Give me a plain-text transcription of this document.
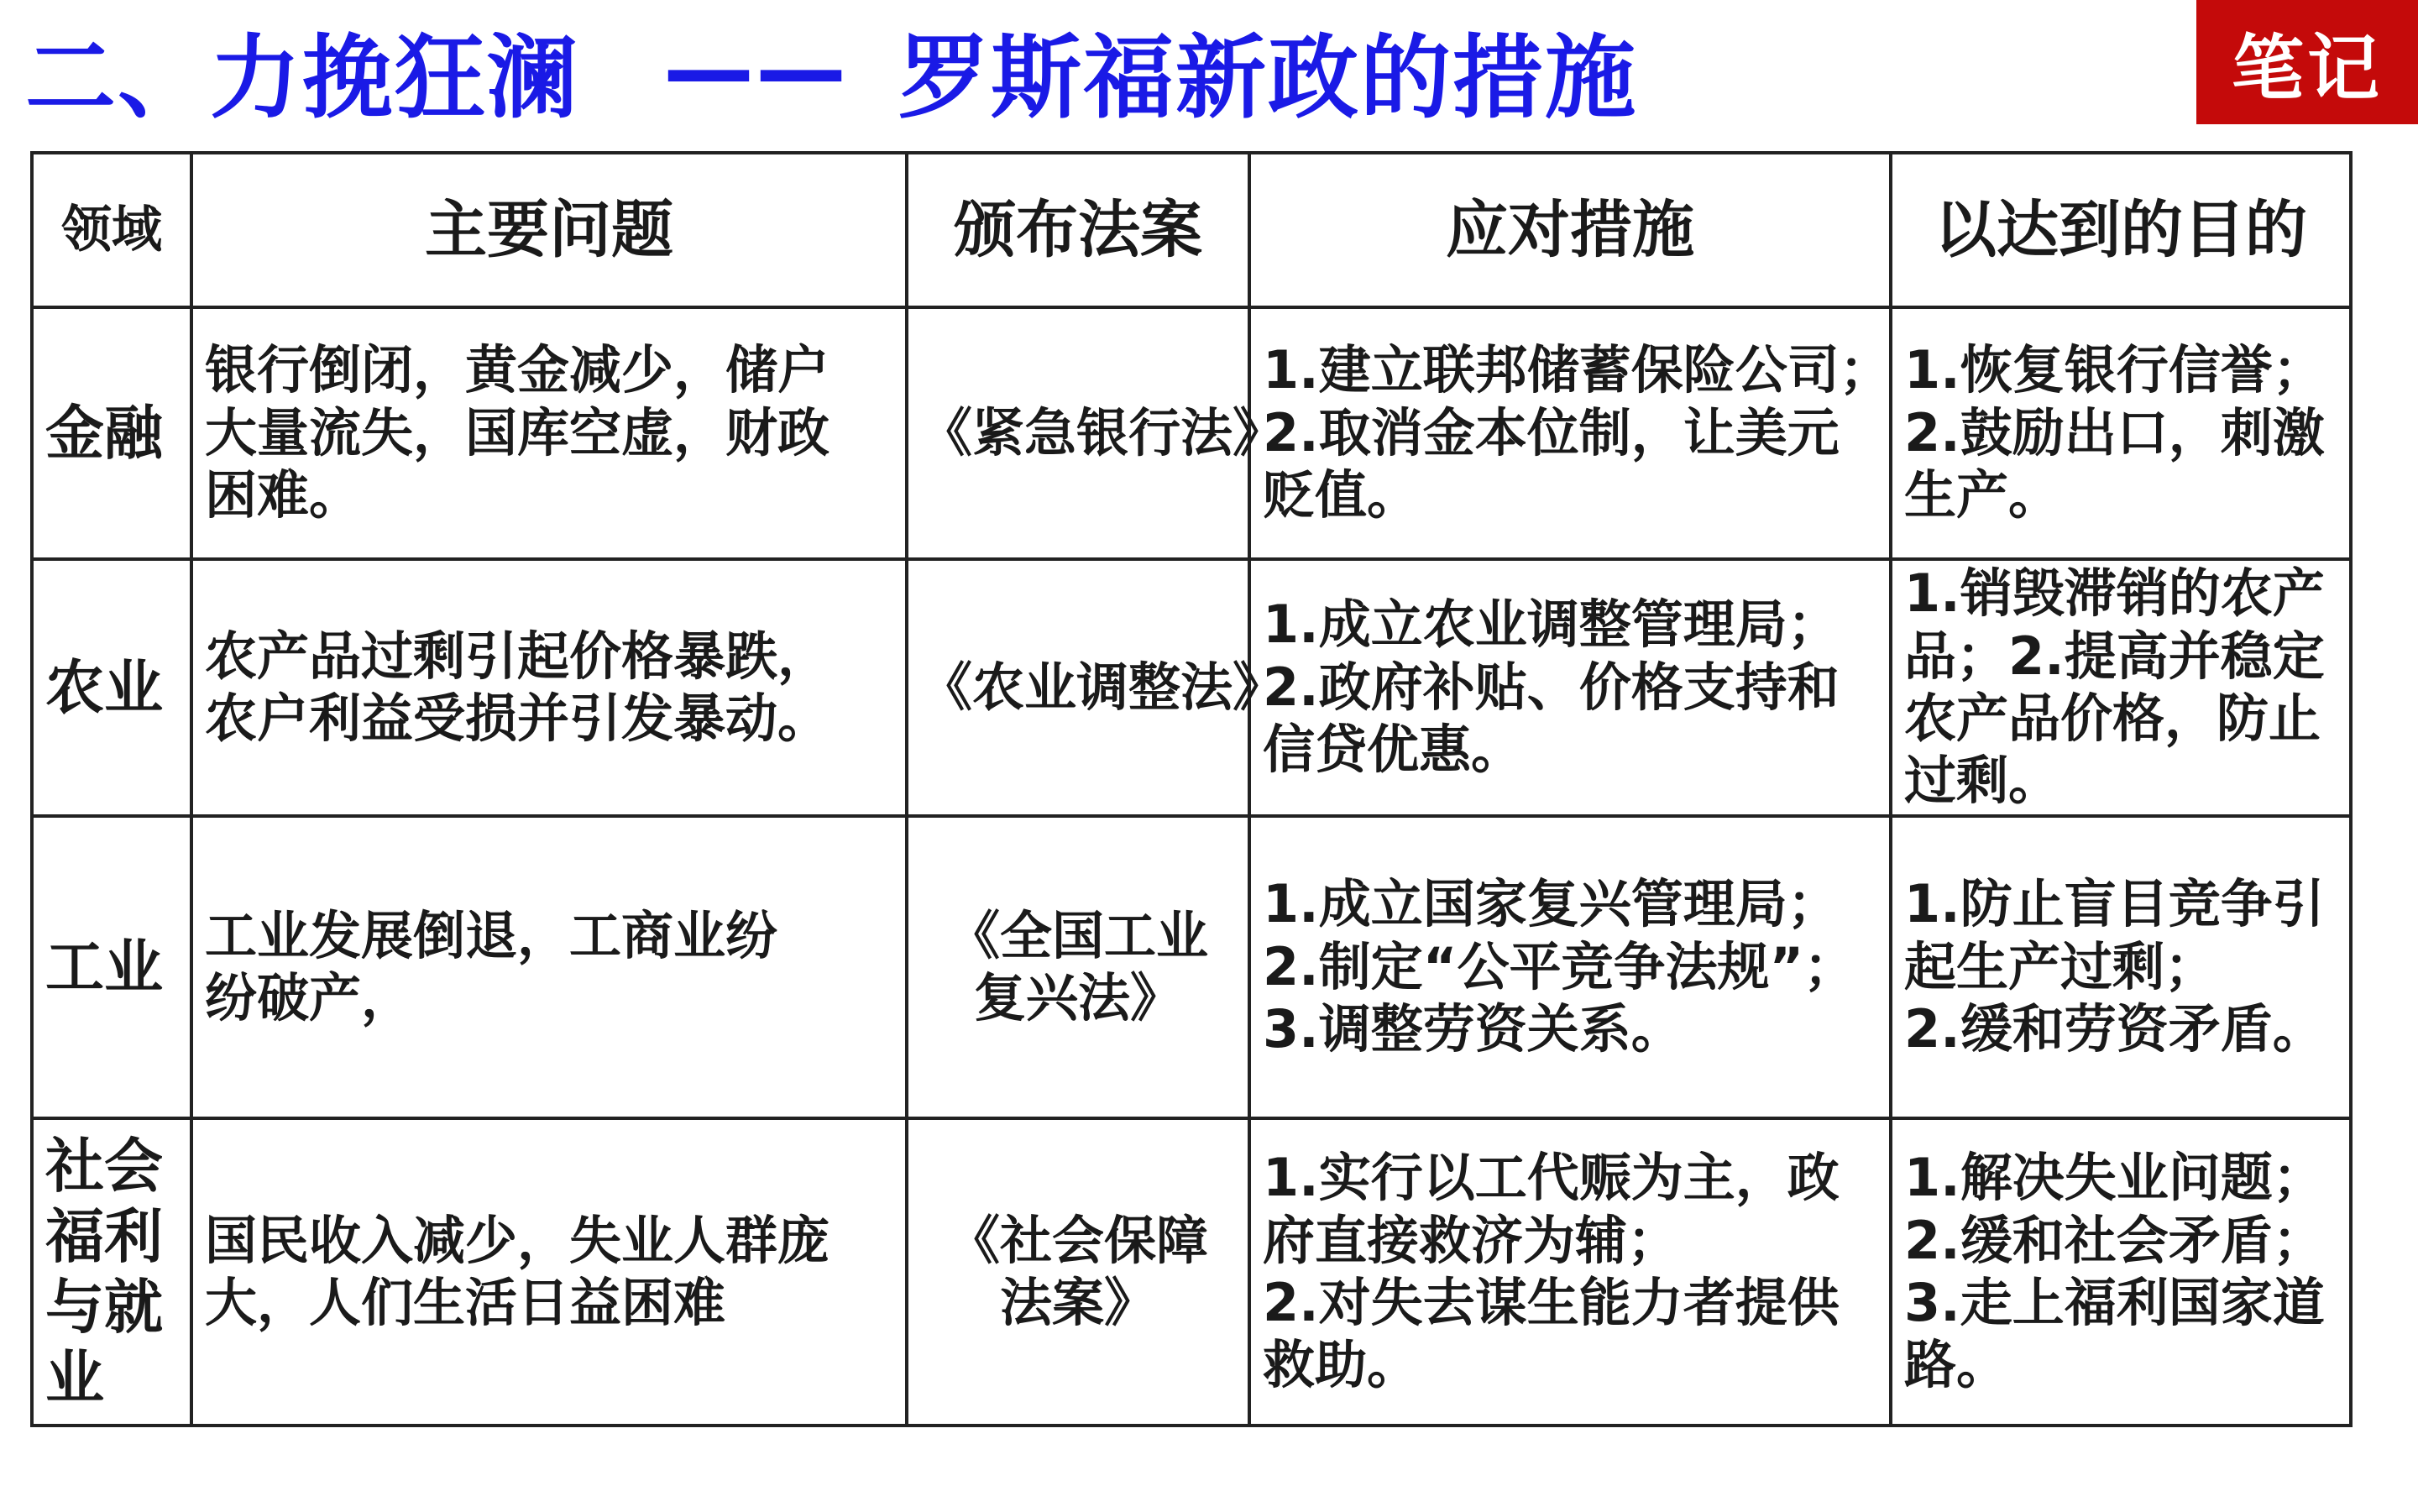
二、力挽狂澜 —— 罗斯福新政的措施	笔记
领域	主要问题	颁布法案	应对措施	以达到的目的

金融	银行倒闭，黄金减少，储户
大量流失，国库空虚，财政
困难。	《紧急银行法》	1.建立联邦储蓄保险公司；
2.取消金本位制，让美元
贬值。	1.恢复银行信誉；
2.鼓励出口，刺激
生产。

农业	农产品过剩引起价格暴跌，
农户利益受损并引发暴动。	《农业调整法》	1.成立农业调整管理局；
2.政府补贴、价格支持和
信贷优惠。	1.销毁滞销的农产
品；2.提高并稳定
农产品价格，防止
过剩。

工业	工业发展倒退，工商业纷
纷破产，	《全国工业
复兴法》	1.成立国家复兴管理局；
2.制定“公平竞争法规”；
3.调整劳资关系。	1.防止盲目竞争引
起生产过剩；
2.缓和劳资矛盾。

社会
福利
与就
业	国民收入减少，失业人群庞
大，人们生活日益困难	《社会保障
法案》	1.实行以工代赈为主，政
府直接救济为辅；
2.对失去谋生能力者提供
救助。	1.解决失业问题；
2.缓和社会矛盾；
3.走上福利国家道
路。
